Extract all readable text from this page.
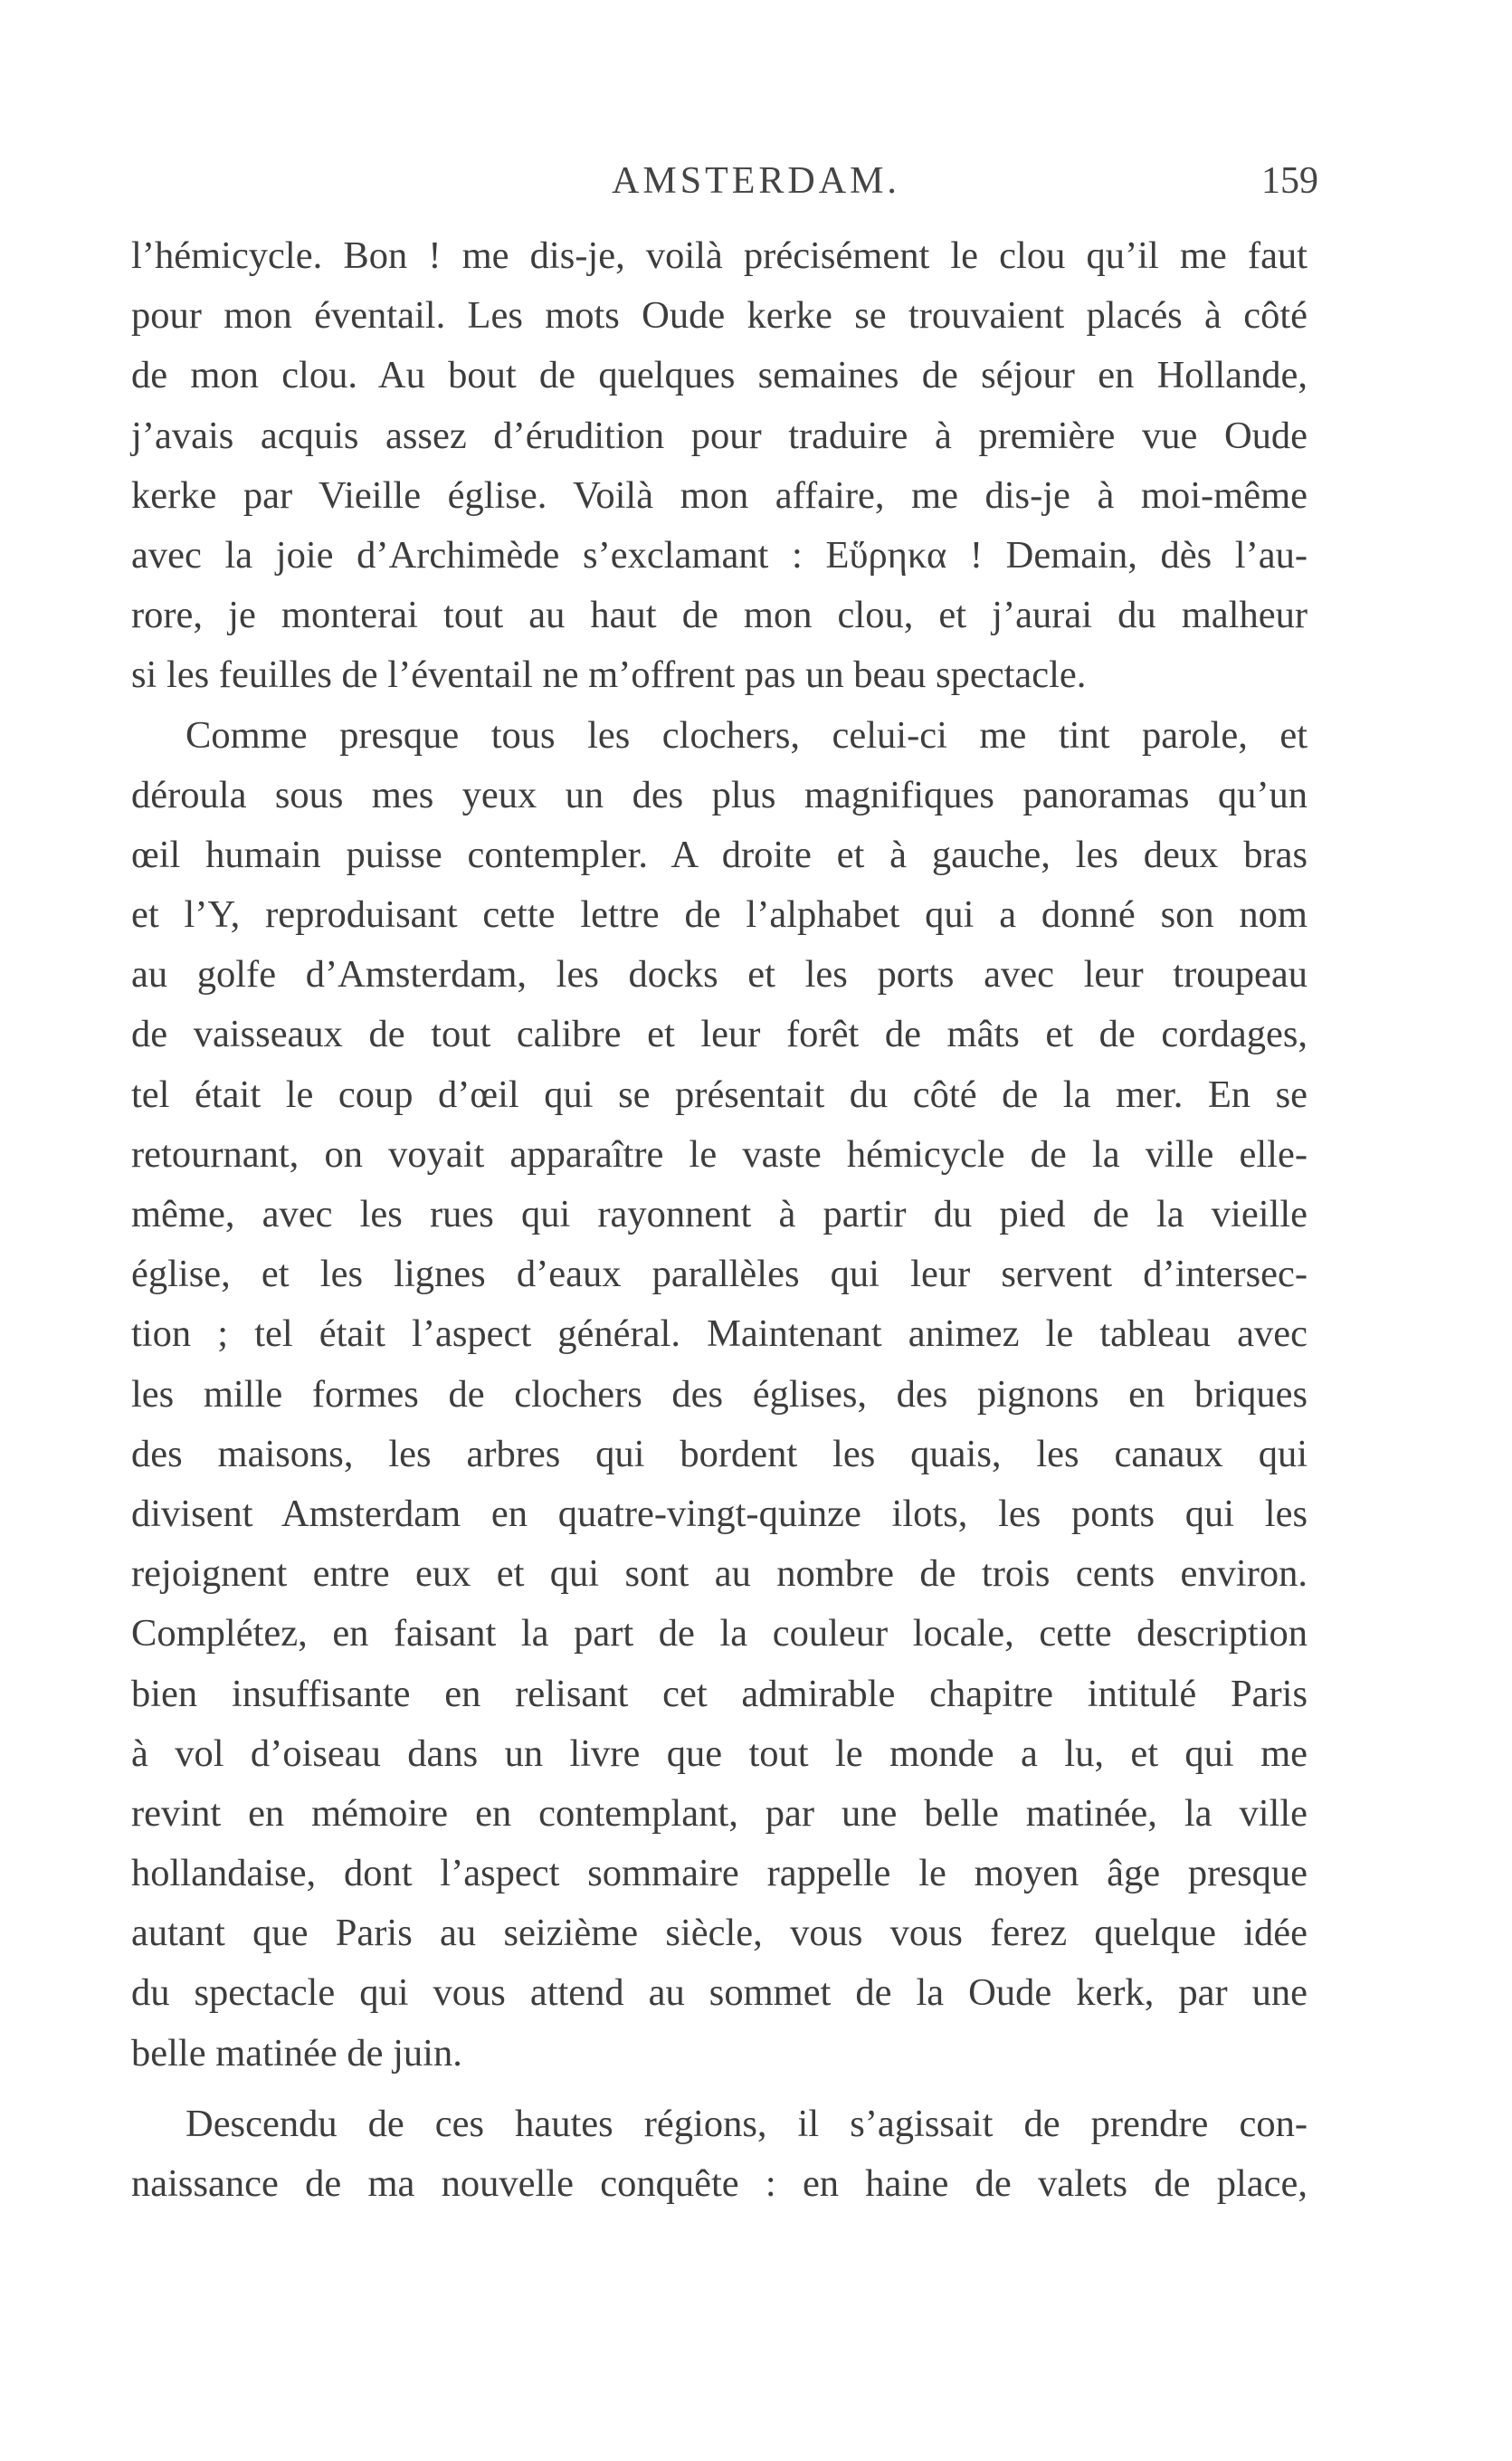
AMSTERDAM.	159
l’hémicycle. Bon ! me dis-je, voilà précisément le clou qu’il me faut
pour mon éventail. Les mots Oude kerke se trouvaient placés à côté
de mon clou. Au bout de quelques semaines de séjour en Hollande,
j’avais acquis assez d’érudition pour traduire à première vue Oude
kerke par Vieille église. Voilà mon affaire, me dis-je à moi-même
avec la joie d’Archimède s’exclamant : Εὕρηκα ! Demain, dès l’au-
rore, je monterai tout au haut de mon clou, et j’aurai du malheur
si les feuilles de l’éventail ne m’offrent pas un beau spectacle.
Comme presque tous les clochers, celui-ci me tint parole, et
déroula sous mes yeux un des plus magnifiques panoramas qu’un
œil humain puisse contempler. A droite et à gauche, les deux bras
et l’Y, reproduisant cette lettre de l’alphabet qui a donné son nom
au golfe d’Amsterdam, les docks et les ports avec leur troupeau
de vaisseaux de tout calibre et leur forêt de mâts et de cordages,
tel était le coup d’œil qui se présentait du côté de la mer. En se
retournant, on voyait apparaître le vaste hémicycle de la ville elle-
même, avec les rues qui rayonnent à partir du pied de la vieille
église, et les lignes d’eaux parallèles qui leur servent d’intersec-
tion ; tel était l’aspect général. Maintenant animez le tableau avec
les mille formes de clochers des églises, des pignons en briques
des maisons, les arbres qui bordent les quais, les canaux qui
divisent Amsterdam en quatre-vingt-quinze ilots, les ponts qui les
rejoignent entre eux et qui sont au nombre de trois cents environ.
Complétez, en faisant la part de la couleur locale, cette description
bien insuffisante en relisant cet admirable chapitre intitulé Paris
à vol d’oiseau dans un livre que tout le monde a lu, et qui me
revint en mémoire en contemplant, par une belle matinée, la ville
hollandaise, dont l’aspect sommaire rappelle le moyen âge presque
autant que Paris au seizième siècle, vous vous ferez quelque idée
du spectacle qui vous attend au sommet de la Oude kerk, par une
belle matinée de juin.
Descendu de ces hautes régions, il s’agissait de prendre con-
naissance de ma nouvelle conquête : en haine de valets de place,
